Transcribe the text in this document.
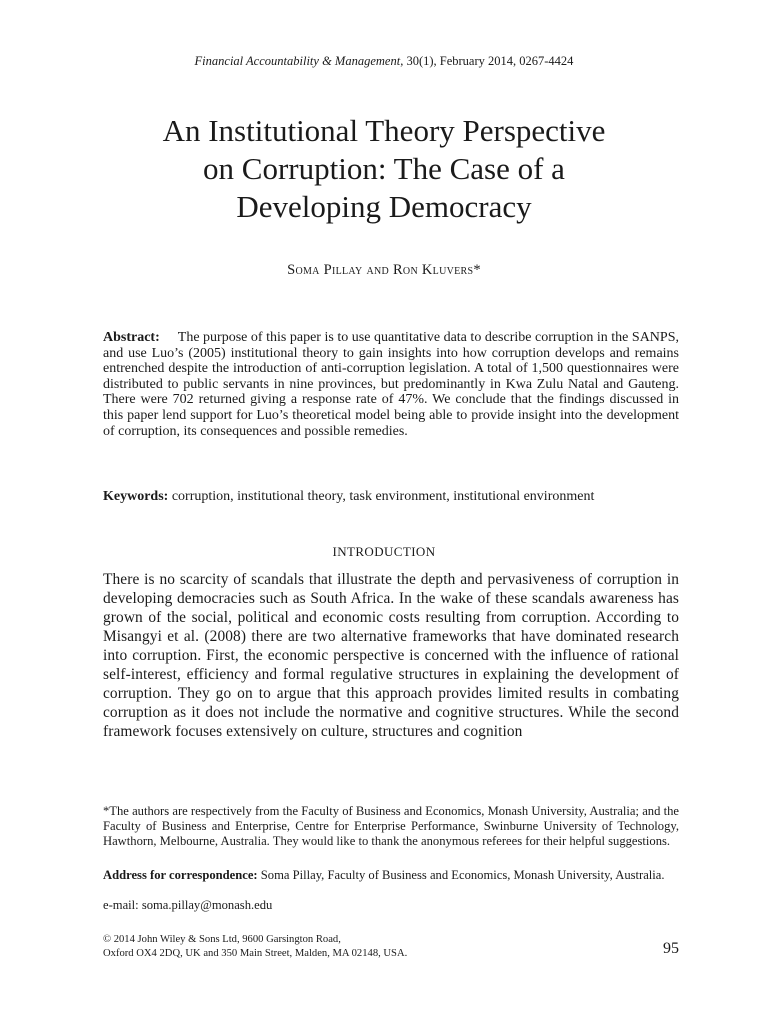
Financial Accountability & Management, 30(1), February 2014, 0267-4424
An Institutional Theory Perspective
on Corruption: The Case of a
Developing Democracy
Soma Pillay and Ron Kluvers*

Abstract: The purpose of this paper is to use quantitative data to describe corruption in the SANPS, and use Luo’s (2005) institutional theory to gain insights into how corruption develops and remains entrenched despite the introduction of anti-corruption legislation. A total of 1,500 questionnaires were distributed to public servants in nine provinces, but predominantly in Kwa Zulu Natal and Gauteng. There were 702 returned giving a response rate of 47%. We conclude that the findings discussed in this paper lend support for Luo’s theoretical model being able to provide insight into the development of corruption, its consequences and possible remedies.

Keywords: corruption, institutional theory, task environment, institutional environment

INTRODUCTION

There is no scarcity of scandals that illustrate the depth and pervasiveness of corruption in developing democracies such as South Africa. In the wake of these scandals awareness has grown of the social, political and economic costs resulting from corruption. According to Misangyi et al. (2008) there are two alternative frameworks that have dominated research into corruption. First, the economic perspective is concerned with the influence of rational self-interest, efficiency and formal regulative structures in explaining the development of corruption. They go on to argue that this approach provides limited results in combating corruption as it does not include the normative and cognitive structures. While the second framework focuses extensively on culture, structures and cognition

*The authors are respectively from the Faculty of Business and Economics, Monash University, Australia; and the Faculty of Business and Enterprise, Centre for Enterprise Performance, Swinburne University of Technology, Hawthorn, Melbourne, Australia. They would like to thank the anonymous referees for their helpful suggestions.

Address for correspondence: Soma Pillay, Faculty of Business and Economics, Monash University, Australia.

e-mail: soma.pillay@monash.edu

© 2014 John Wiley & Sons Ltd, 9600 Garsington Road,
Oxford OX4 2DQ, UK and 350 Main Street, Malden, MA 02148, USA.	95
